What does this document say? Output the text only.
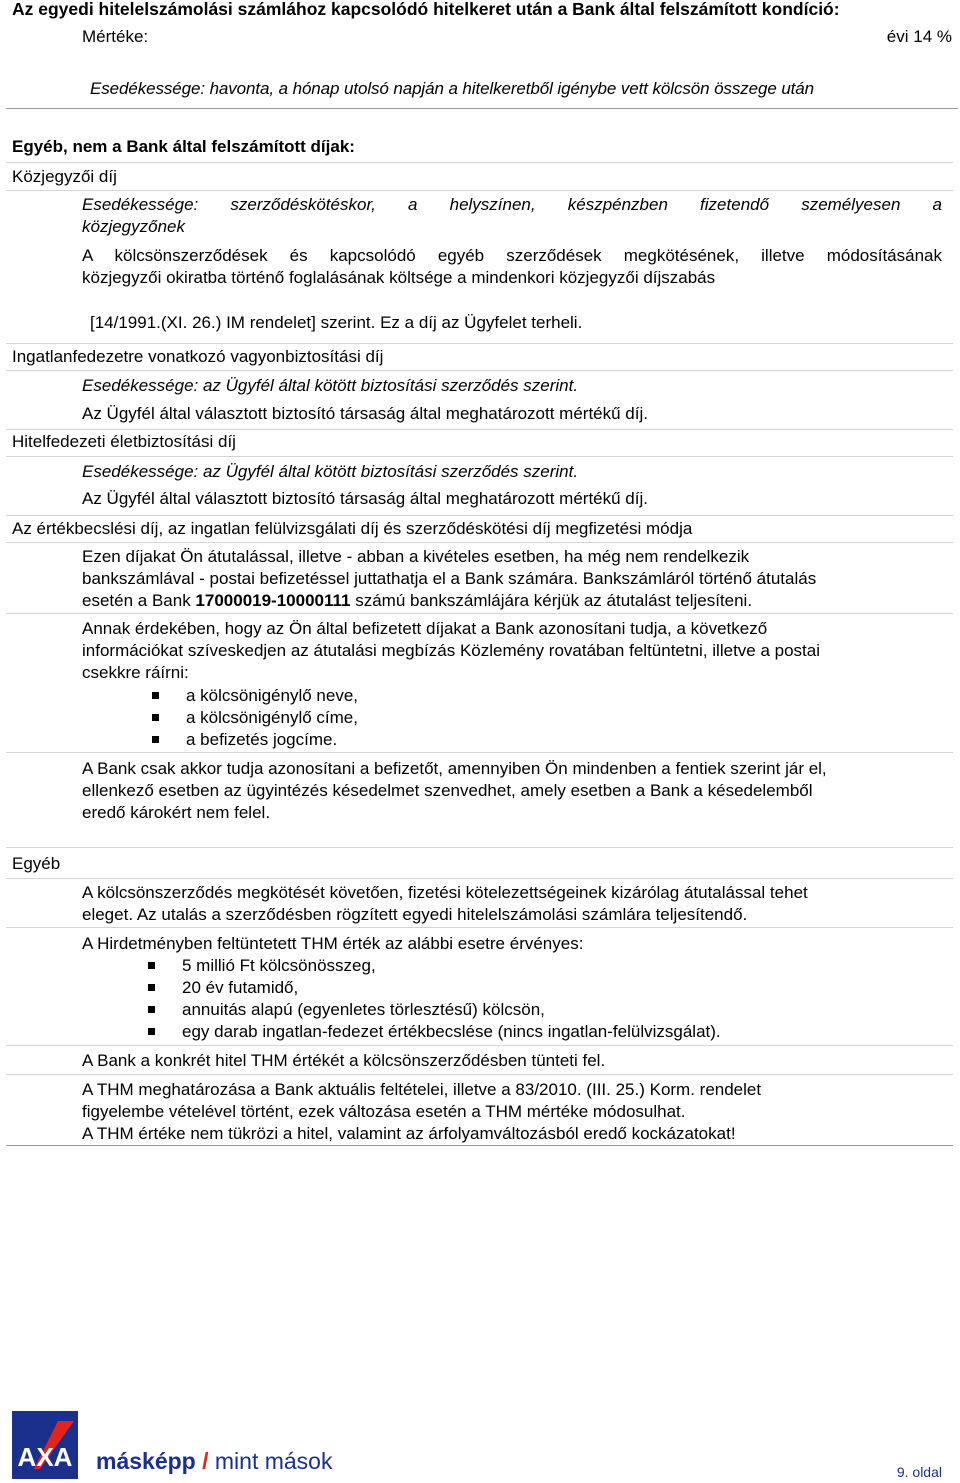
Az egyedi hitelelszámolási számlához kapcsolódó hitelkeret után a Bank által felszámított kondíció:
Mértéke:	évi 14 %
Esedékessége: havonta, a hónap utolsó napján a hitelkeretből igénybe vett kölcsön összege után
Egyéb, nem a Bank által felszámított díjak:
Közjegyzői díj
Esedékessége: szerződéskötéskor, a helyszínen, készpénzben fizetendő személyesen a
közjegyzőnek
A kölcsönszerződések és kapcsolódó egyéb szerződések megkötésének, illetve módosításának
közjegyzői okiratba történő foglalásának költsége a mindenkori közjegyzői díjszabás
[14/1991.(XI. 26.) IM rendelet] szerint. Ez a díj az Ügyfelet terheli.
Ingatlanfedezetre vonatkozó vagyonbiztosítási díj
Esedékessége: az Ügyfél által kötött biztosítási szerződés szerint.
Az Ügyfél által választott biztosító társaság által meghatározott mértékű díj.
Hitelfedezeti életbiztosítási díj
Esedékessége: az Ügyfél által kötött biztosítási szerződés szerint.
Az Ügyfél által választott biztosító társaság által meghatározott mértékű díj.
Az értékbecslési díj, az ingatlan felülvizsgálati díj és szerződéskötési díj megfizetési módja
Ezen díjakat Ön átutalással, illetve - abban a kivételes esetben, ha még nem rendelkezik
bankszámlával - postai befizetéssel juttathatja el a Bank számára. Bankszámláról történő átutalás
esetén a Bank 17000019-10000111 számú bankszámlájára kérjük az átutalást teljesíteni.
Annak érdekében, hogy az Ön által befizetett díjakat a Bank azonosítani tudja, a következő
információkat szíveskedjen az átutalási megbízás Közlemény rovatában feltüntetni, illetve a postai
csekkre ráírni:
a kölcsönigénylő neve,
a kölcsönigénylő címe,
a befizetés jogcíme.
A Bank csak akkor tudja azonosítani a befizetőt, amennyiben Ön mindenben a fentiek szerint jár el,
ellenkező esetben az ügyintézés késedelmet szenvedhet, amely esetben a Bank a késedelemből
eredő károkért nem felel.
Egyéb
A kölcsönszerződés megkötését követően, fizetési kötelezettségeinek kizárólag átutalással tehet
eleget. Az utalás a szerződésben rögzített egyedi hitelelszámolási számlára teljesítendő.
A Hirdetményben feltüntetett THM érték az alábbi esetre érvényes:
5 millió Ft kölcsönösszeg,
20 év futamidő,
annuitás alapú (egyenletes törlesztésű) kölcsön,
egy darab ingatlan-fedezet értékbecslése (nincs ingatlan-felülvizsgálat).
A Bank a konkrét hitel THM értékét a kölcsönszerződésben tünteti fel.
A THM meghatározása a Bank aktuális feltételei, illetve a 83/2010. (III. 25.) Korm. rendelet
figyelembe vételével történt, ezek változása esetén a THM mértéke módosulhat.
A THM értéke nem tükrözi a hitel, valamint az árfolyamváltozásból eredő kockázatokat!
AXA másképp / mint mások	9. oldal
